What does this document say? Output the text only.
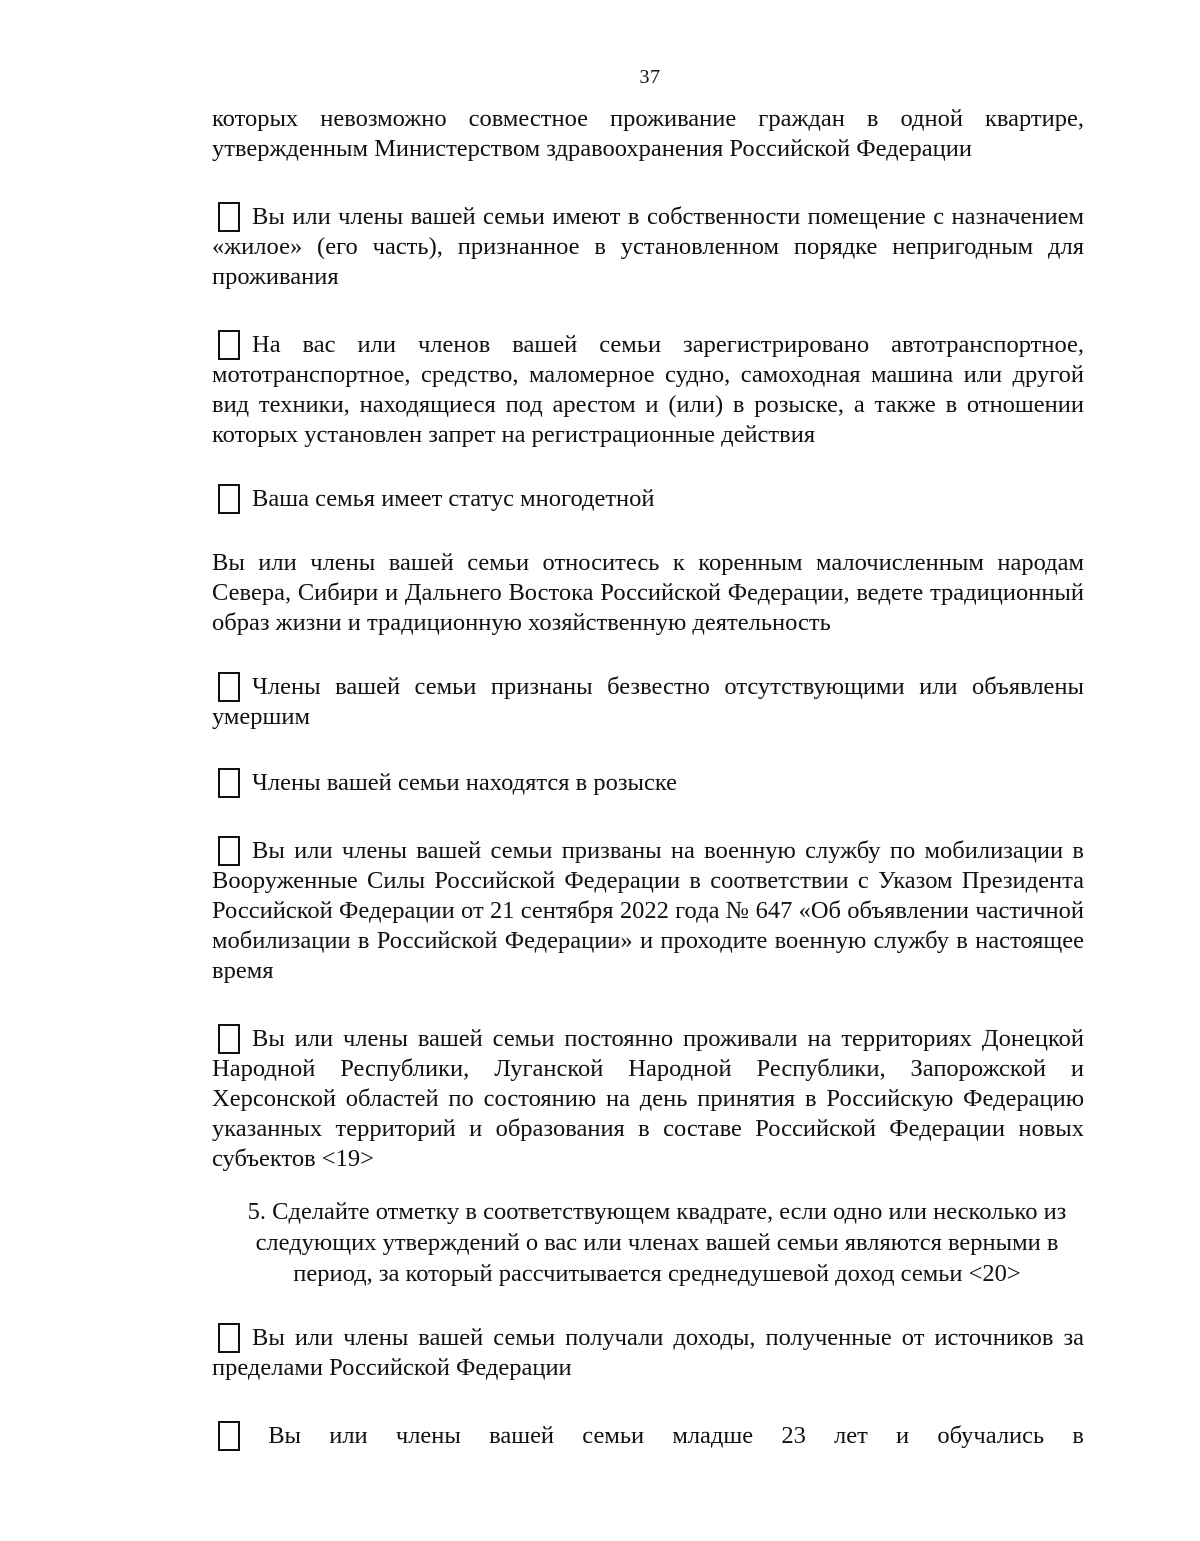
37

которых невозможно совместное проживание граждан в одной квартире, утвержденным Министерством здравоохранения Российской Федерации

Вы или члены вашей семьи имеют в собственности помещение с назначением «жилое» (его часть), признанное в установленном порядке непригодным для проживания

На вас или членов вашей семьи зарегистрировано автотранспортное, мототранспортное, средство, маломерное судно, самоходная машина или другой вид техники, находящиеся под арестом и (или) в розыске, а также в отношении которых установлен запрет на регистрационные действия

Ваша семья имеет статус многодетной

Вы или члены вашей семьи относитесь к коренным малочисленным народам Севера, Сибири и Дальнего Востока Российской Федерации, ведете традиционный образ жизни и традиционную хозяйственную деятельность

Члены вашей семьи признаны безвестно отсутствующими или объявлены умершим

Члены вашей семьи находятся в розыске

Вы или члены вашей семьи призваны на военную службу по мобилизации в Вооруженные Силы Российской Федерации в соответствии с Указом Президента Российской Федерации от 21 сентября 2022 года № 647 «Об объявлении частичной мобилизации в Российской Федерации» и проходите военную службу в настоящее время

Вы или члены вашей семьи постоянно проживали на территориях Донецкой Народной Республики, Луганской Народной Республики, Запорожской и Херсонской областей по состоянию на день принятия в Российскую Федерацию указанных территорий и образования в составе Российской Федерации новых субъектов <19>

5. Сделайте отметку в соответствующем квадрате, если одно или несколько из следующих утверждений о вас или членах вашей семьи являются верными в период, за который рассчитывается среднедушевой доход семьи <20>

Вы или члены вашей семьи получали доходы, полученные от источников за пределами Российской Федерации

Вы или члены вашей семьи младше 23 лет и обучались в
